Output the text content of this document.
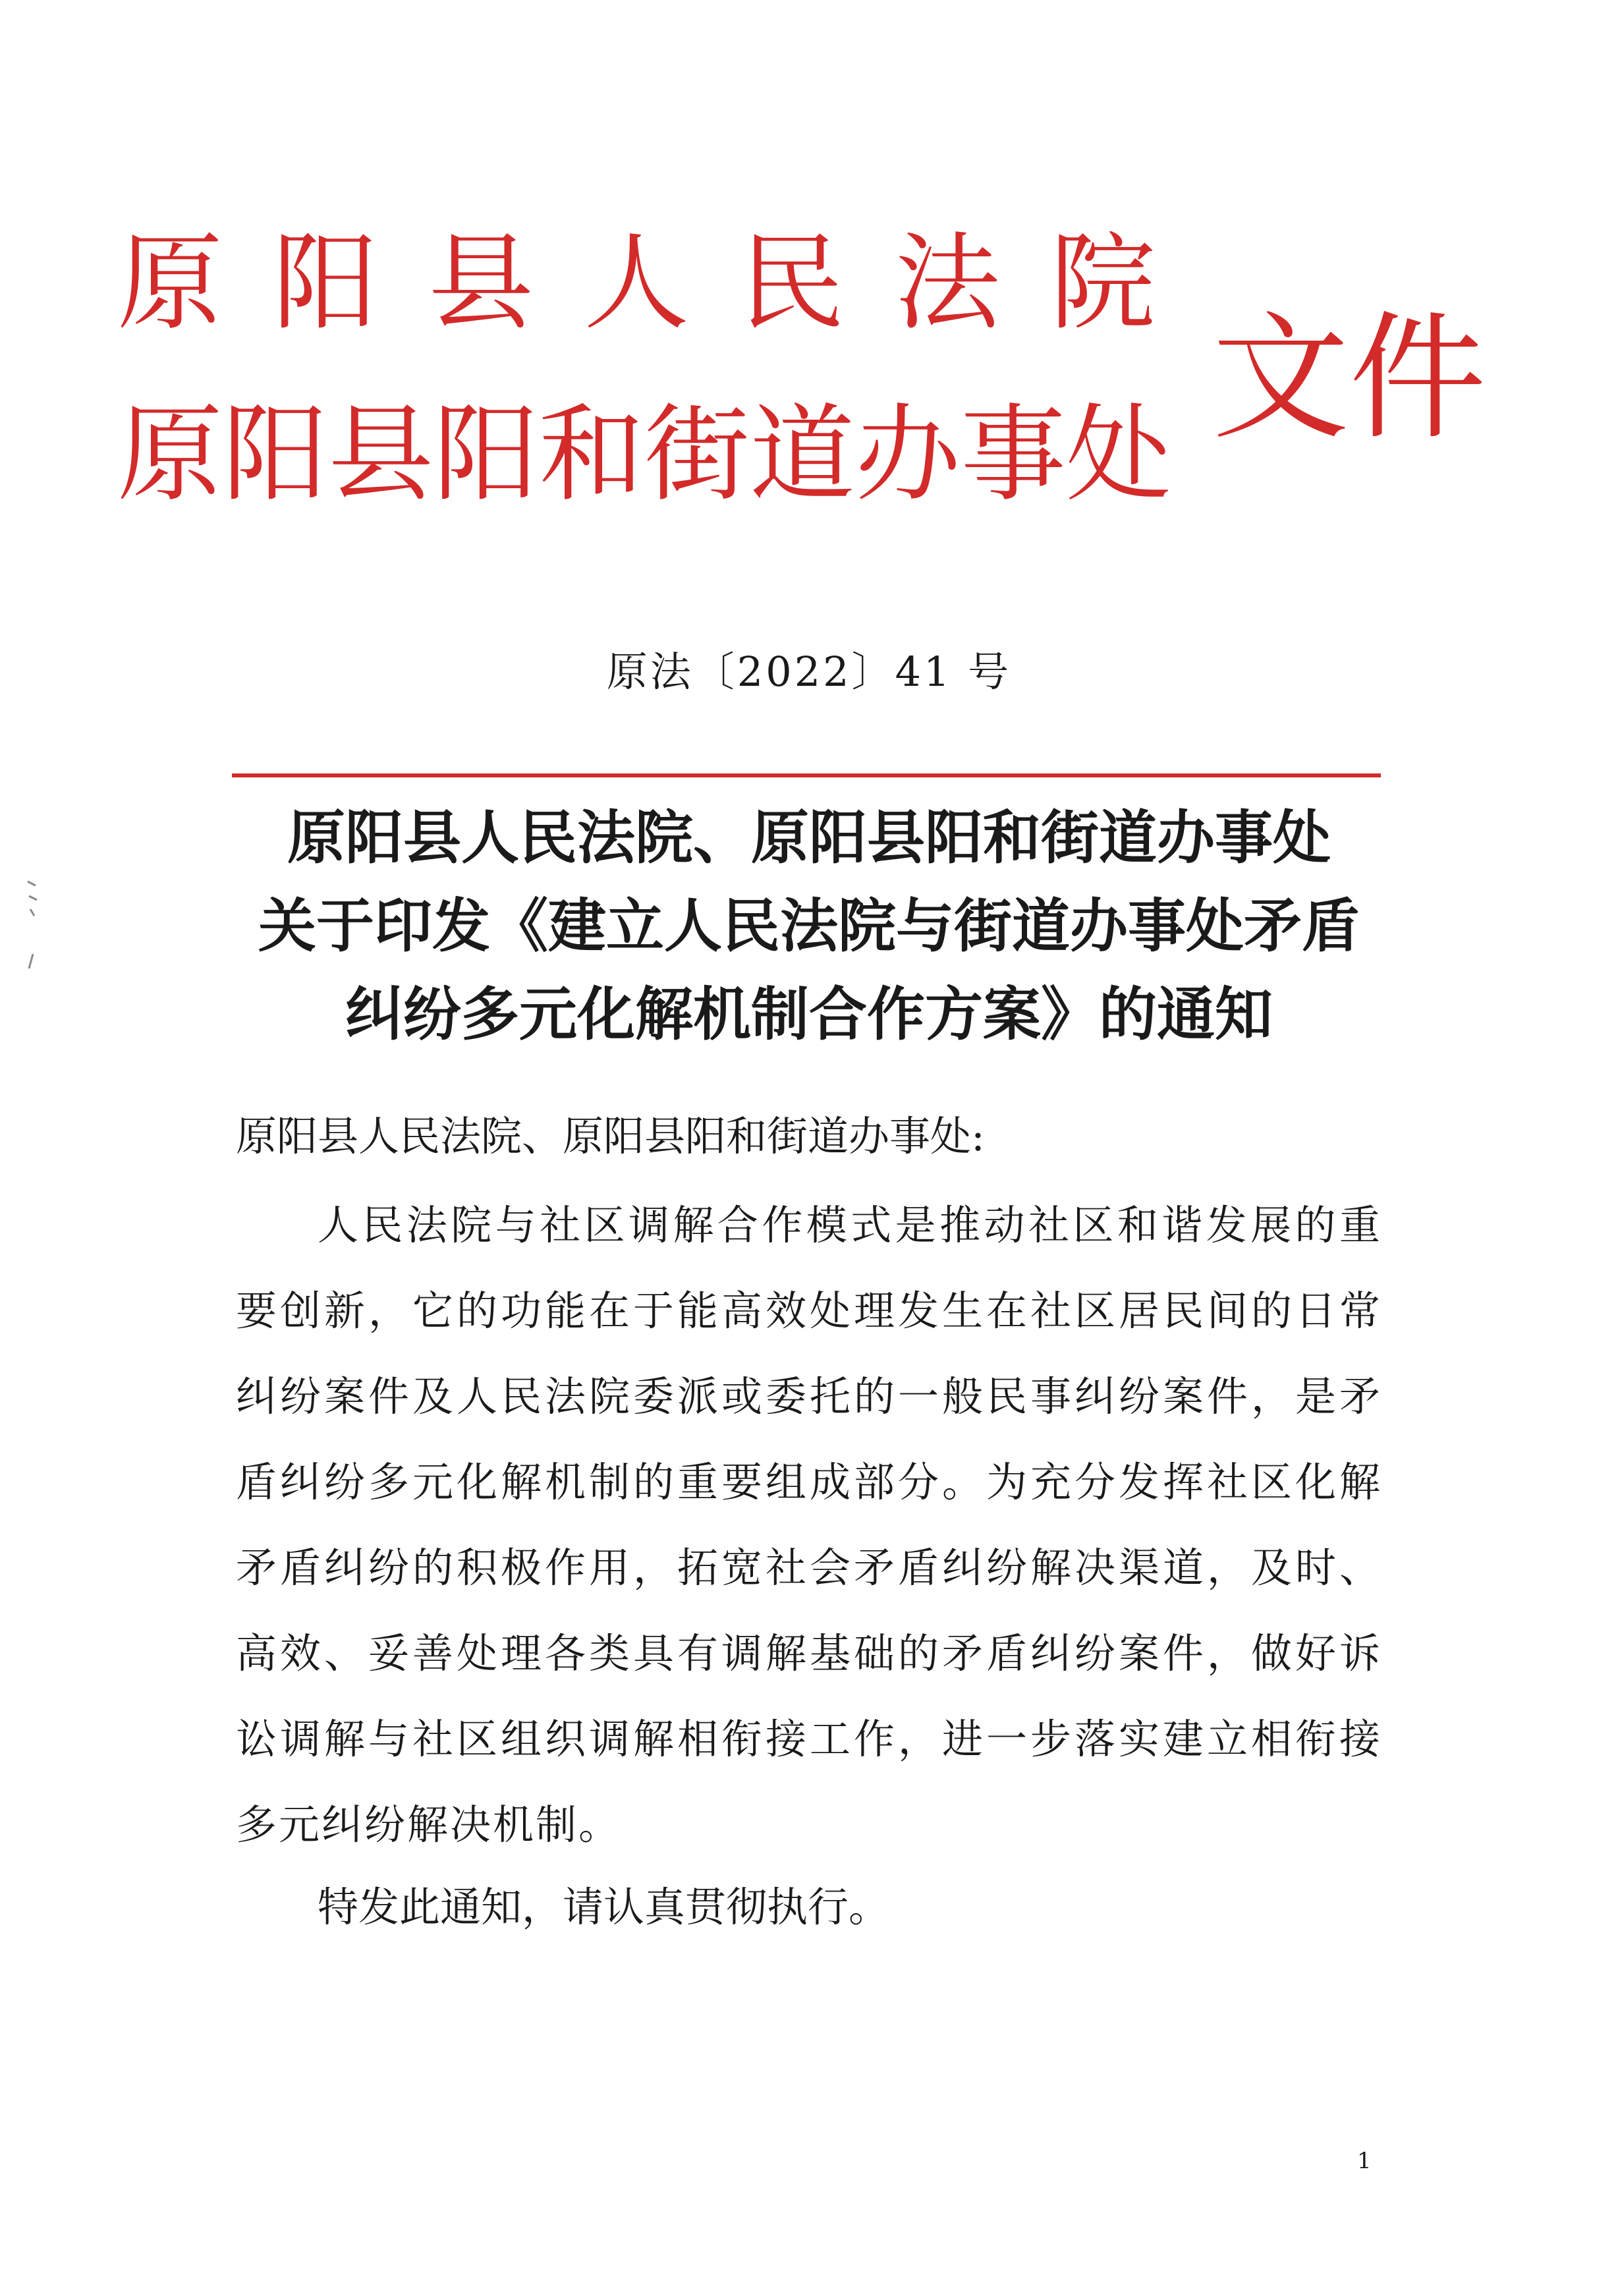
原阳县人民法院
原阳县阳和街道办事处 文件
原法〔2022〕41 号
原阳县人民法院、原阳县阳和街道办事处
关于印发《建立人民法院与街道办事处矛盾
纠纷多元化解机制合作方案》的通知
原阳县人民法院、原阳县阳和街道办事处:
人民法院与社区调解合作模式是推动社区和谐发展的重要创新，它的功能在于能高效处理发生在社区居民间的日常纠纷案件及人民法院委派或委托的一般民事纠纷案件，是矛盾纠纷多元化解机制的重要组成部分。为充分发挥社区化解矛盾纠纷的积极作用，拓宽社会矛盾纠纷解决渠道，及时、高效、妥善处理各类具有调解基础的矛盾纠纷案件，做好诉讼调解与社区组织调解相衔接工作，进一步落实建立相衔接多元纠纷解决机制。
特发此通知，请认真贯彻执行。
1
